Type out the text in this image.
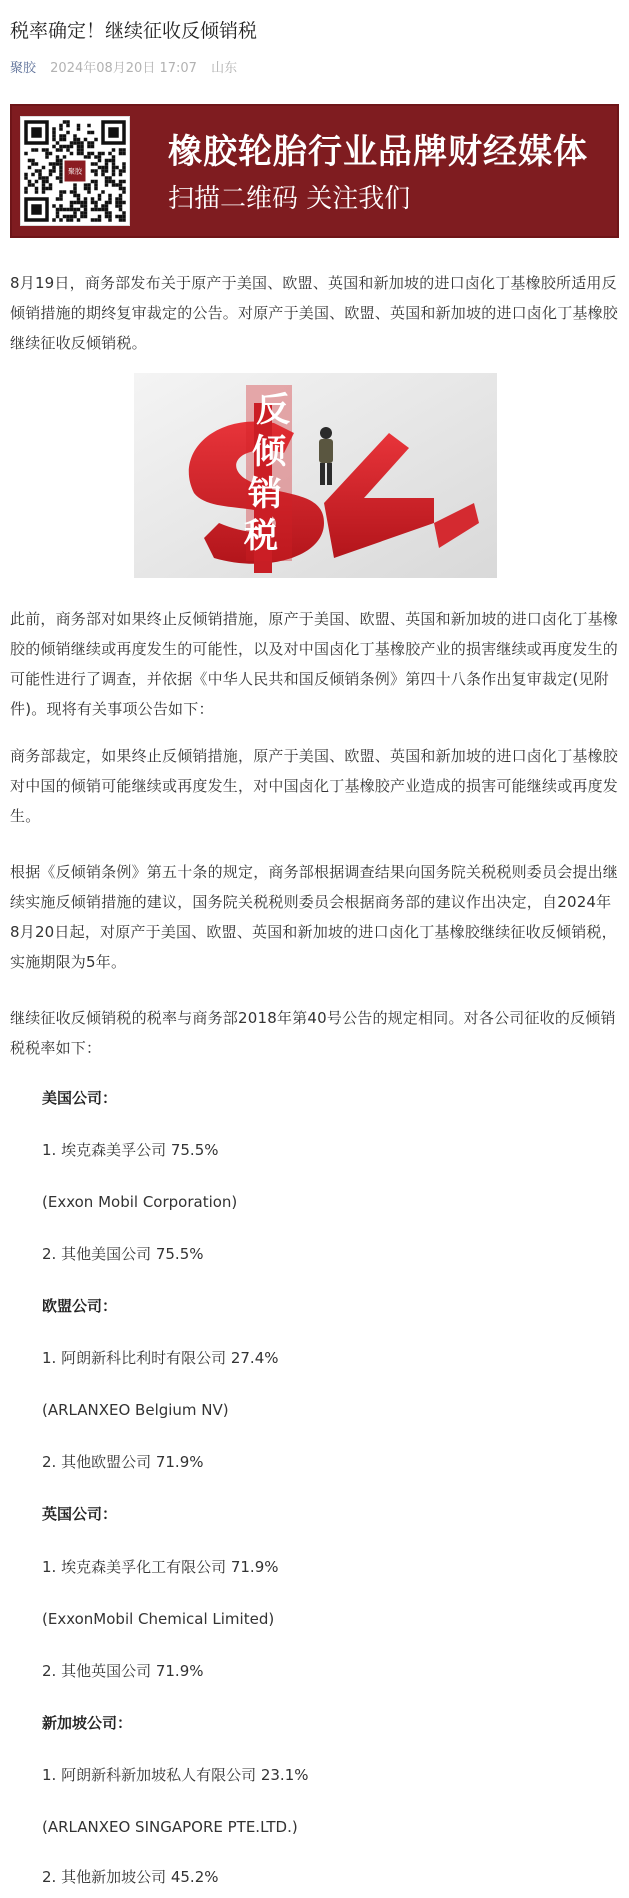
税率确定！继续征收反倾销税
聚胶 2024年08月20日 17:07 山东
聚胶	橡胶轮胎行业品牌财经媒体
扫描二维码 关注我们

8月19日，商务部发布关于原产于美国、欧盟、英国和新加坡的进口卤化丁基橡胶所适用反倾销措施的期终复审裁定的公告。对原产于美国、欧盟、英国和新加坡的进口卤化丁基橡胶继续征收反倾销税。

反
倾
销
税

此前，商务部对如果终止反倾销措施，原产于美国、欧盟、英国和新加坡的进口卤化丁基橡胶的倾销继续或再度发生的可能性，以及对中国卤化丁基橡胶产业的损害继续或再度发生的可能性进行了调查，并依据《中华人民共和国反倾销条例》第四十八条作出复审裁定(见附件)。现将有关事项公告如下：

商务部裁定，如果终止反倾销措施，原产于美国、欧盟、英国和新加坡的进口卤化丁基橡胶对中国的倾销可能继续或再度发生，对中国卤化丁基橡胶产业造成的损害可能继续或再度发生。

根据《反倾销条例》第五十条的规定，商务部根据调查结果向国务院关税税则委员会提出继续实施反倾销措施的建议，国务院关税税则委员会根据商务部的建议作出决定，自2024年8月20日起，对原产于美国、欧盟、英国和新加坡的进口卤化丁基橡胶继续征收反倾销税，实施期限为5年。

继续征收反倾销税的税率与商务部2018年第40号公告的规定相同。对各公司征收的反倾销税税率如下：

美国公司：
1. 埃克森美孚公司 75.5%
(Exxon Mobil Corporation)
2. 其他美国公司 75.5%
欧盟公司：
1. 阿朗新科比利时有限公司 27.4%
(ARLANXEO Belgium NV)
2. 其他欧盟公司 71.9%
英国公司：
1. 埃克森美孚化工有限公司 71.9%
(ExxonMobil Chemical Limited)
2. 其他英国公司 71.9%
新加坡公司：
1. 阿朗新科新加坡私人有限公司 23.1%
(ARLANXEO SINGAPORE PTE.LTD.)
2. 其他新加坡公司 45.2%
